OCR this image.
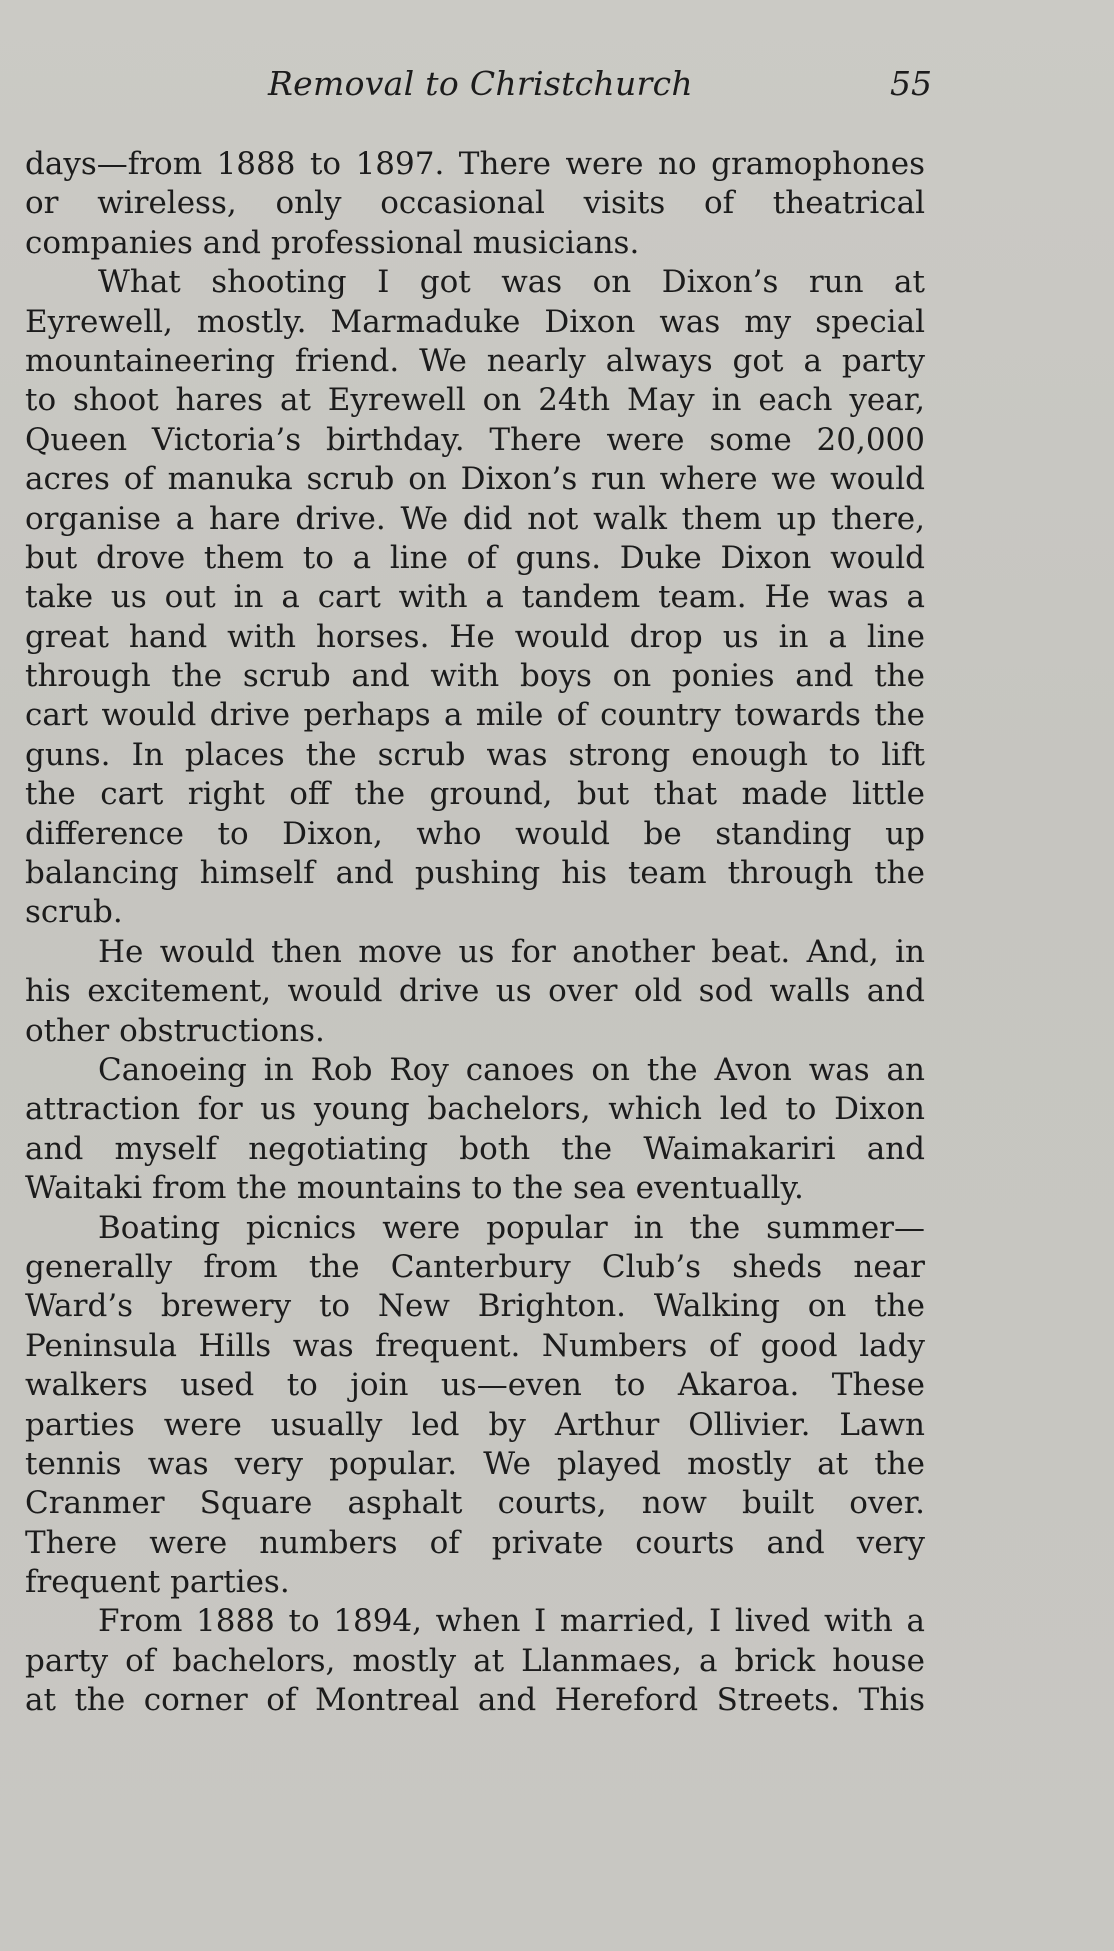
Removal to Christchurch	55
days—from 1888 to 1897. There were no gramophones
or wireless, only occasional visits of theatrical
companies and professional musicians.
What shooting I got was on Dixon’s run at
Eyrewell, mostly. Marmaduke Dixon was my special
mountaineering friend. We nearly always got a party
to shoot hares at Eyrewell on 24th May in each year,
Queen Victoria’s birthday. There were some 20,000
acres of manuka scrub on Dixon’s run where we would
organise a hare drive. We did not walk them up there,
but drove them to a line of guns. Duke Dixon would
take us out in a cart with a tandem team. He was a
great hand with horses. He would drop us in a line
through the scrub and with boys on ponies and the
cart would drive perhaps a mile of country towards the
guns. In places the scrub was strong enough to lift
the cart right off the ground, but that made little
difference to Dixon, who would be standing up
balancing himself and pushing his team through the
scrub.
He would then move us for another beat. And, in
his excitement, would drive us over old sod walls and
other obstructions.
Canoeing in Rob Roy canoes on the Avon was an
attraction for us young bachelors, which led to Dixon
and myself negotiating both the Waimakariri and
Waitaki from the mountains to the sea eventually.
Boating picnics were popular in the summer—
generally from the Canterbury Club’s sheds near
Ward’s brewery to New Brighton. Walking on the
Peninsula Hills was frequent. Numbers of good lady
walkers used to join us—even to Akaroa. These
parties were usually led by Arthur Ollivier. Lawn
tennis was very popular. We played mostly at the
Cranmer Square asphalt courts, now built over.
There were numbers of private courts and very
frequent parties.
From 1888 to 1894, when I married, I lived with a
party of bachelors, mostly at Llanmaes, a brick house
at the corner of Montreal and Hereford Streets. This
